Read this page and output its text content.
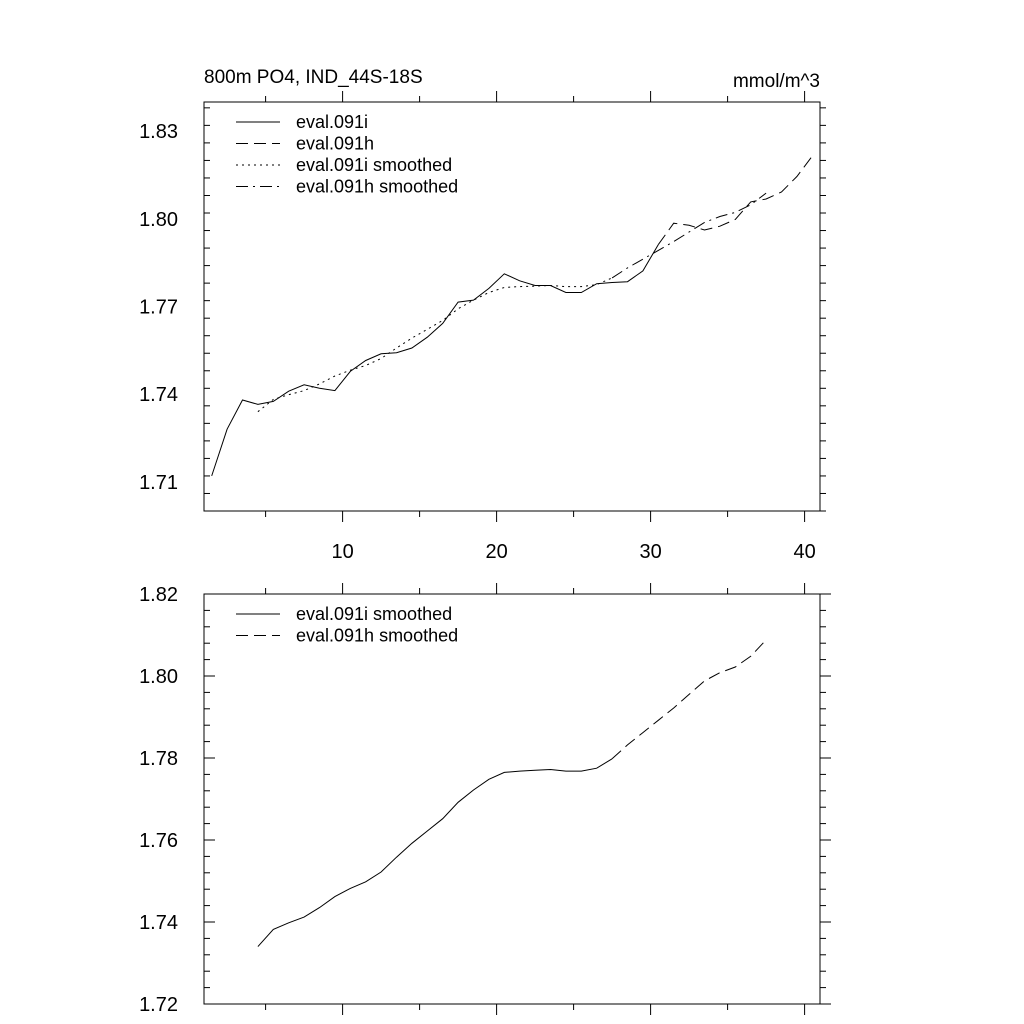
800m PO4, IND_44S-18S	mmol/m^3
1.71
1.74
1.77
1.80
1.83
10	20	30	40
eval.091i
eval.091h
eval.091i smoothed
eval.091h smoothed
1.72
1.74
1.76
1.78
1.80
1.82
eval.091i smoothed
eval.091h smoothed
